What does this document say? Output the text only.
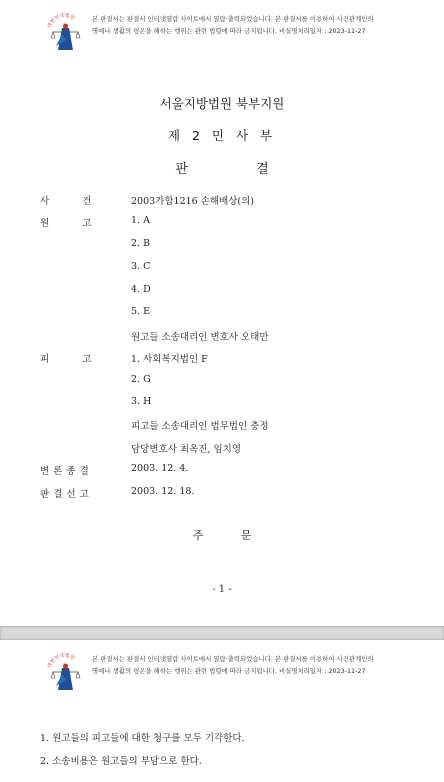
대한민국법원	본 판결서는 판결서 인터넷열람 사이트에서 열람·출력되었습니다. 본 판결서를 이용하여 사건관계인의
명예나 생활의 평온을 해하는 행위는 관련 법령에 따라 금지됩니다. 비실명처리일자 : 2023-11-27
서울지방법원 북부지원
제 2 민 사 부
판 결
사 건	2003가합1216 손해배상(의)
원 고	1. A
2. B
3. C
4. D
5. E
원고들 소송대리인 변호사 오태만
피 고	1. 사회복지법인 F
2. G
3. H
피고들 소송대리인 법무법인 충정
담당변호사 최옥진, 임치영
변 론 종 결	2003. 12. 4.
판 결 선 고	2003. 12. 18.
주 문
- 1 -
대한민국법원	본 판결서는 판결서 인터넷열람 사이트에서 열람·출력되었습니다. 본 판결서를 이용하여 사건관계인의
명예나 생활의 평온을 해하는 행위는 관련 법령에 따라 금지됩니다. 비실명처리일자 : 2023-11-27
1. 원고들의 피고들에 대한 청구를 모두 기각한다.
2. 소송비용은 원고들의 부담으로 한다.
